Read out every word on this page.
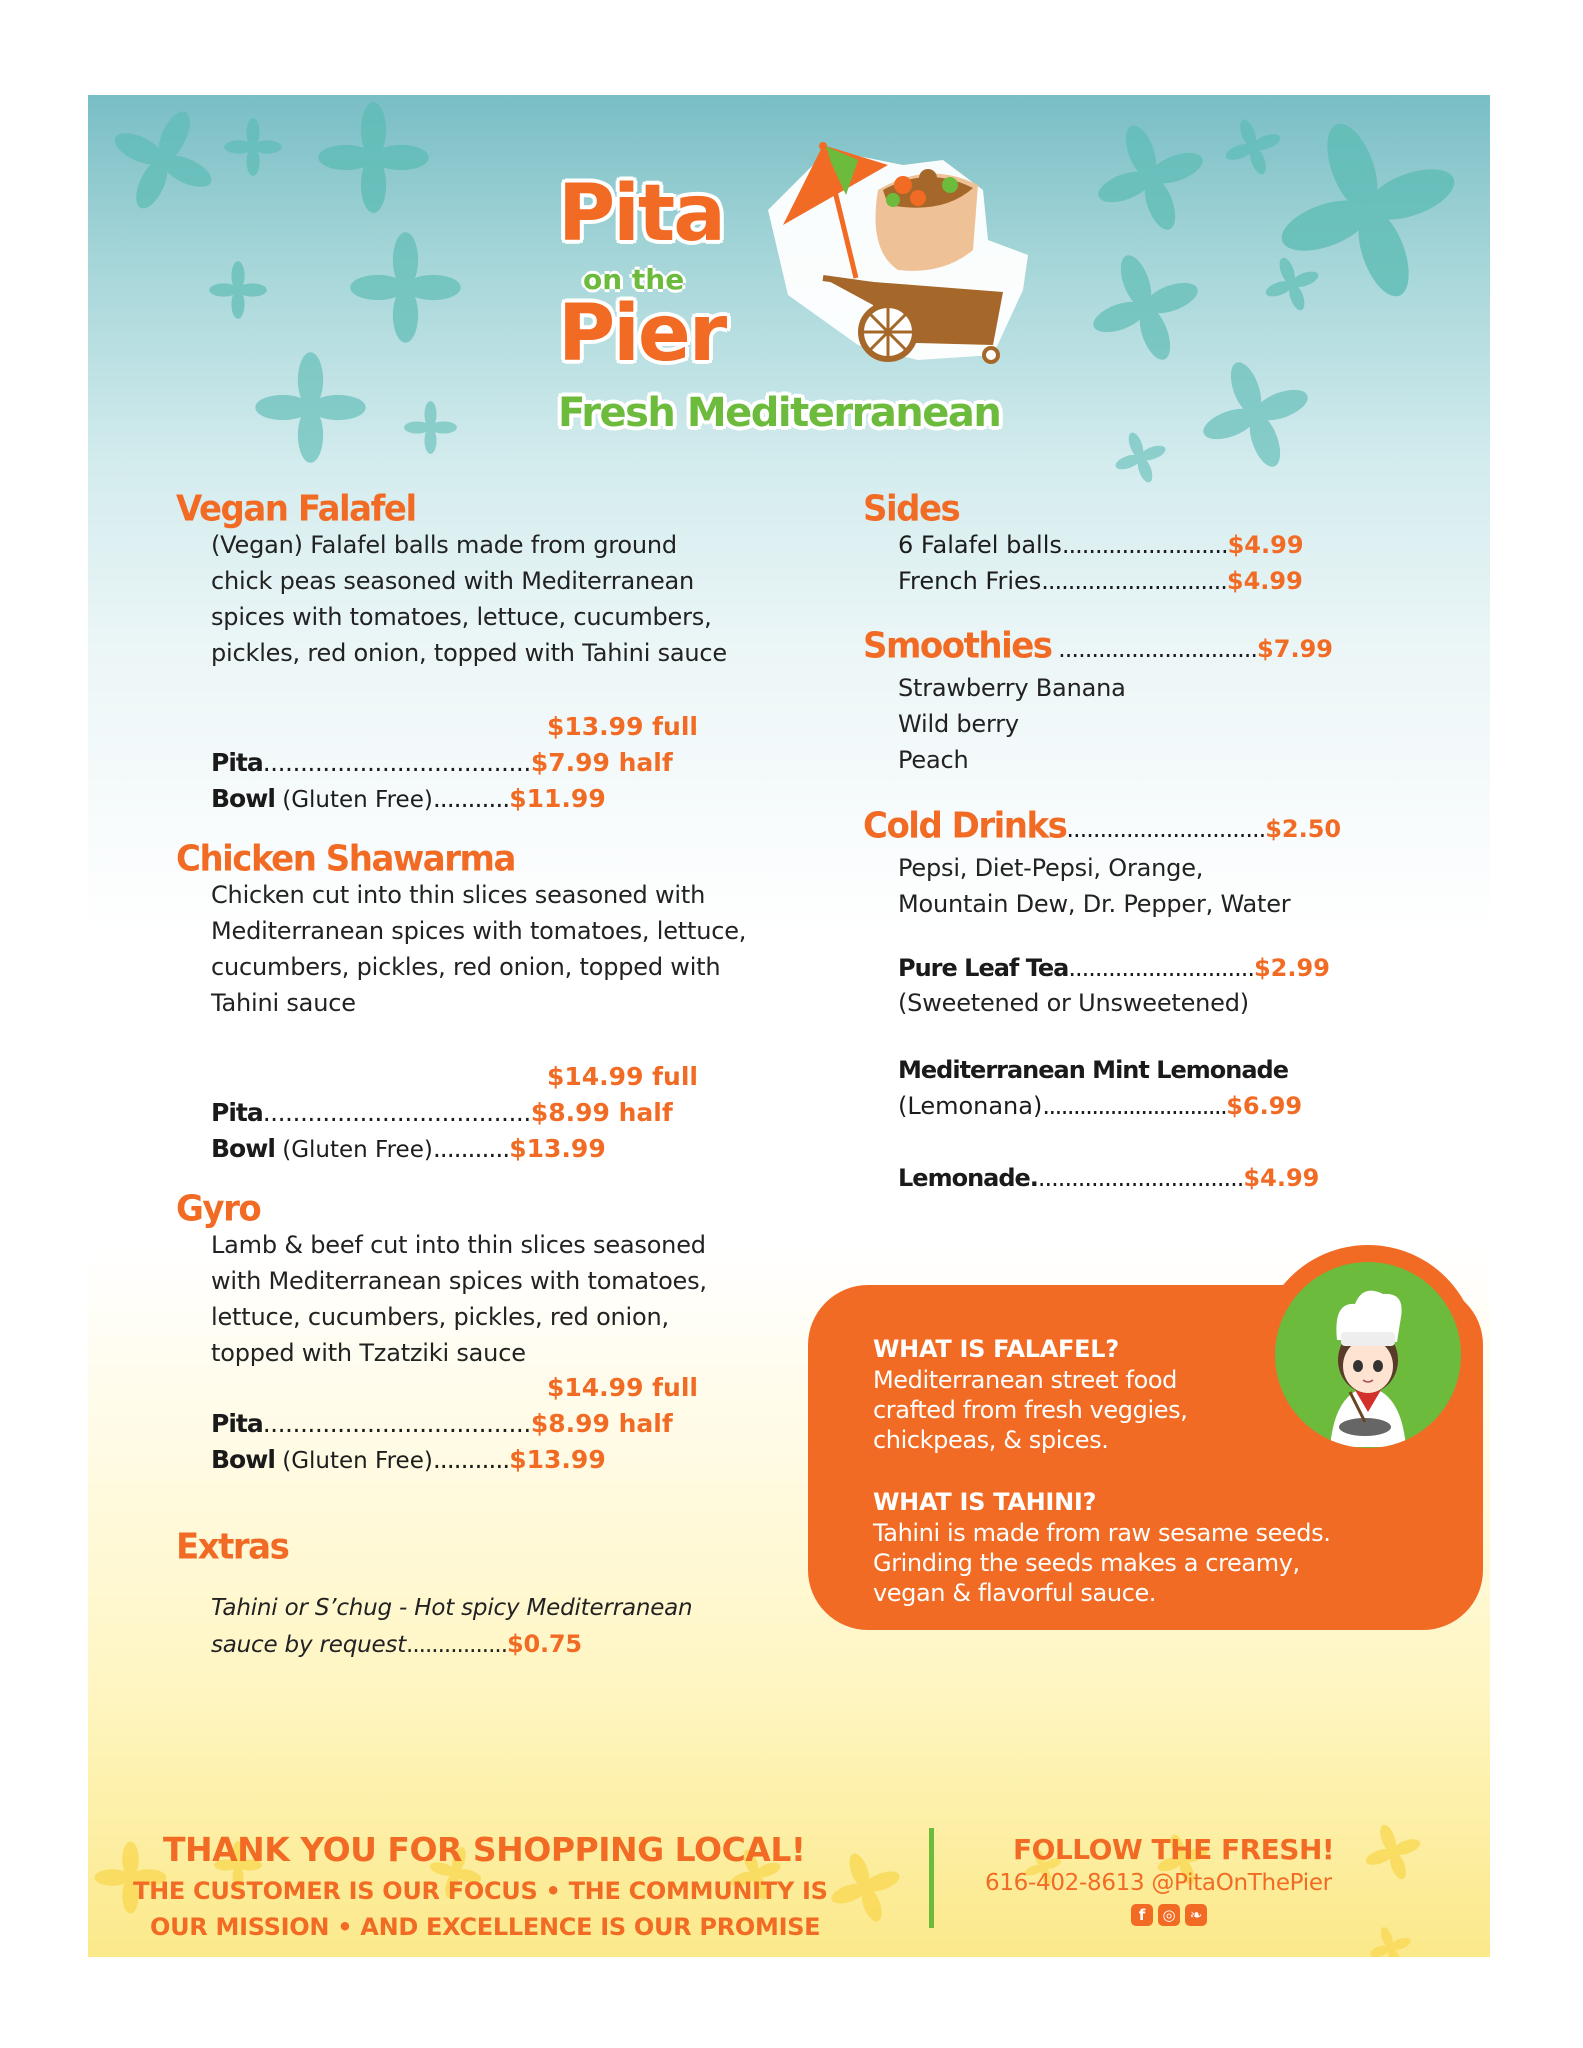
Pita
on the
Pier
Fresh Mediterranean
Vegan Falafel
(Vegan) Falafel balls made from ground
chick peas seasoned with Mediterranean
spices with tomatoes, lettuce, cucumbers,
pickles, red onion, topped with Tahini sauce
$13.99 full
Pita....................................$7.99 half
Bowl (Gluten Free)...........$11.99
Chicken Shawarma
Chicken cut into thin slices seasoned with
Mediterranean spices with tomatoes, lettuce,
cucumbers, pickles, red onion, topped with
Tahini sauce
$14.99 full
Pita....................................$8.99 half
Bowl (Gluten Free)...........$13.99
Gyro
Lamb & beef cut into thin slices seasoned
with Mediterranean spices with tomatoes,
lettuce, cucumbers, pickles, red onion,
topped with Tzatziki sauce
$14.99 full
Pita....................................$8.99 half
Bowl (Gluten Free)...........$13.99
Extras
Tahini or S’chug - Hot spicy Mediterranean
sauce by request................$0.75
Sides
6 Falafel balls.........................$4.99
French Fries............................$4.99
Smoothies ..............................$7.99
Strawberry Banana
Wild berry
Peach
Cold Drinks..............................$2.50
Pepsi, Diet-Pepsi, Orange,
Mountain Dew, Dr. Pepper, Water
Pure Leaf Tea............................$2.99
(Sweetened or Unsweetened)
Mediterranean Mint Lemonade
(Lemonana)..............................$6.99
Lemonade................................$4.99
WHAT IS FALAFEL?
Mediterranean street food
crafted from fresh veggies,
chickpeas, & spices.
WHAT IS TAHINI?
Tahini is made from raw sesame seeds.
Grinding the seeds makes a creamy,
vegan & flavorful sauce.
THANK YOU FOR SHOPPING LOCAL!
THE CUSTOMER IS OUR FOCUS • THE COMMUNITY IS
OUR MISSION • AND EXCELLENCE IS OUR PROMISE
FOLLOW THE FRESH!
616-402-8613 @PitaOnThePier
f	◎ ❧
